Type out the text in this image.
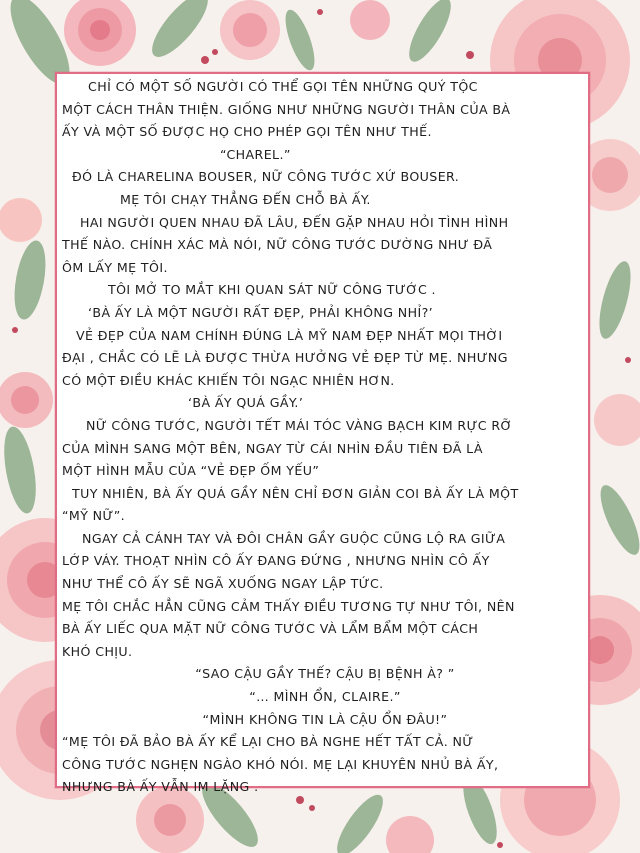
CHỈ CÓ MỘT SỐ NGƯỜI CÓ THỂ GỌI TÊN NHỮNG QUÝ TỘC
MỘT CÁCH THÂN THIỆN. GIỐNG NHƯ NHỮNG NGƯỜI THÂN CỦA BÀ
ẤY VÀ MỘT SỐ ĐƯỢC HỌ CHO PHÉP GỌI TÊN NHƯ THẾ.
“CHAREL.”
ĐÓ LÀ CHARELINA BOUSER, NỮ CÔNG TƯỚC XỨ BOUSER.
MẸ TÔI CHẠY THẲNG ĐẾN CHỖ BÀ ẤY.
HAI NGƯỜI QUEN NHAU ĐÃ LÂU, ĐẾN GẶP NHAU HỎI TÌNH HÌNH
THẾ NÀO. CHÍNH XÁC MÀ NÓI, NỮ CÔNG TƯỚC DƯỜNG NHƯ ĐÃ
ÔM LẤY MẸ TÔI.
TÔI MỞ TO MẮT KHI QUAN SÁT NỮ CÔNG TƯỚC .
‘BÀ ẤY LÀ MỘT NGƯỜI RẤT ĐẸP, PHẢI KHÔNG NHỈ?’
VẺ ĐẸP CỦA NAM CHÍNH ĐÚNG LÀ MỸ NAM ĐẸP NHẤT MỌI THỜI
ĐẠI , CHẮC CÓ LẼ LÀ ĐƯỢC THỪA HƯỞNG VẺ ĐẸP TỪ MẸ. NHƯNG
CÓ MỘT ĐIỀU KHÁC KHIẾN TÔI NGẠC NHIÊN HƠN.
‘BÀ ẤY QUÁ GẦY.’
NỮ CÔNG TƯỚC, NGƯỜI TẾT MÁI TÓC VÀNG BẠCH KIM RỰC RỠ
CỦA MÌNH SANG MỘT BÊN, NGAY TỪ CÁI NHÌN ĐẦU TIÊN ĐÃ LÀ
MỘT HÌNH MẪU CỦA “VẺ ĐẸP ỐM YẾU”
TUY NHIÊN, BÀ ẤY QUÁ GẦY NÊN CHỈ ĐƠN GIẢN COI BÀ ẤY LÀ MỘT
“MỸ NỮ”.
NGAY CẢ CÁNH TAY VÀ ĐÔI CHÂN GẦY GUỘC CŨNG LỘ RA GIỮA
LỚP VÁY. THOẠT NHÌN CÔ ẤY ĐANG ĐỨNG , NHƯNG NHÌN CÔ ẤY
NHƯ THỂ CÔ ẤY SẼ NGÃ XUỐNG NGAY LẬP TỨC.
MẸ TÔI CHẮC HẲN CŨNG CẢM THẤY ĐIỀU TƯƠNG TỰ NHƯ TÔI, NÊN
BÀ ẤY LIẾC QUA MẶT NỮ CÔNG TƯỚC VÀ LẨM BẨM MỘT CÁCH
KHÓ CHỊU.
“SAO CẬU GẦY THẾ? CẬU BỊ BỆNH À? ”
“… MÌNH ỔN, CLAIRE.”
“MÌNH KHÔNG TIN LÀ CẬU ỔN ĐÂU!”
“MẸ TÔI ĐÃ BẢO BÀ ẤY KỂ LẠI CHO BÀ NGHE HẾT TẤT CẢ. NỮ
CÔNG TƯỚC NGHẸN NGÀO KHÓ NÓI. MẸ LẠI KHUYÊN NHỦ BÀ ẤY,
NHƯNG BÀ ẤY VẪN IM LẶNG .
